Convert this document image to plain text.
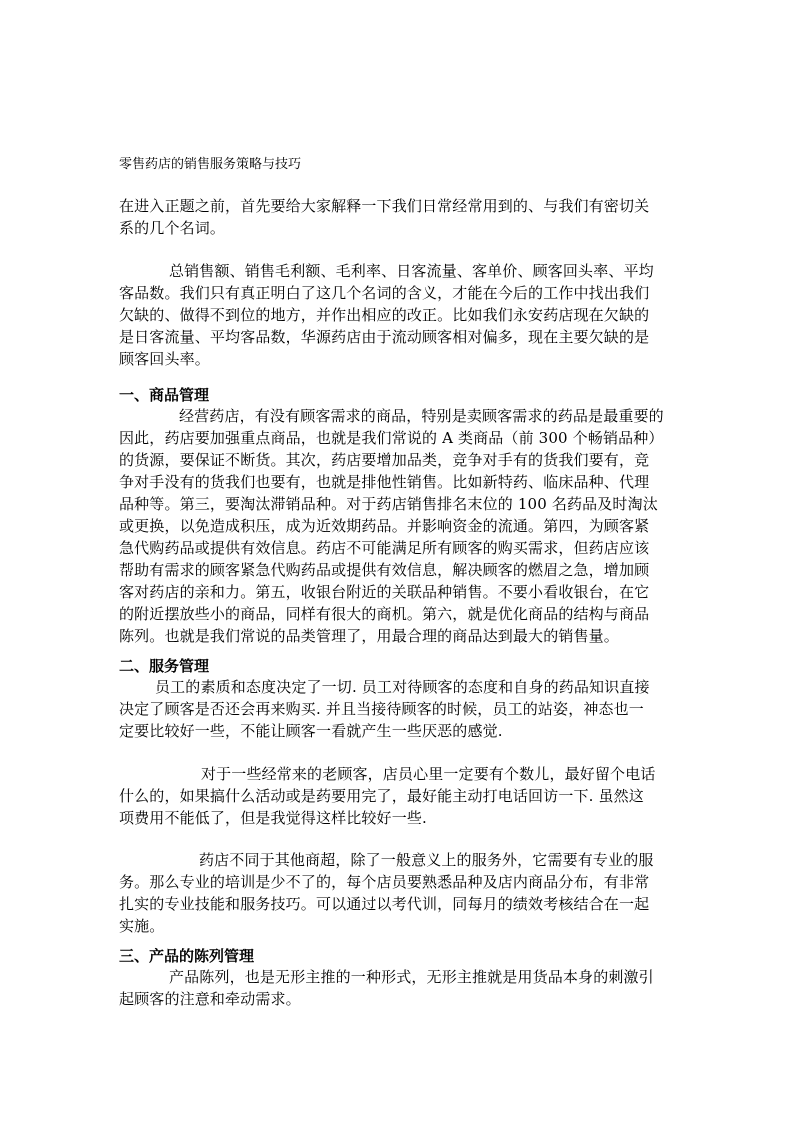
零售药店的销售服务策略与技巧
在进入正题之前，首先要给大家解释一下我们日常经常用到的、与我们有密切关
系的几个名词。
总销售额、销售毛利额、毛利率、日客流量、客单价、顾客回头率、平均
客品数。我们只有真正明白了这几个名词的含义，才能在今后的工作中找出我们
欠缺的、做得不到位的地方，并作出相应的改正。比如我们永安药店现在欠缺的
是日客流量、平均客品数，华源药店由于流动顾客相对偏多，现在主要欠缺的是
顾客回头率。
一、商品管理
经营药店，有没有顾客需求的商品，特别是卖顾客需求的药品是最重要的
因此，药店要加强重点商品，也就是我们常说的 A 类商品（前 300 个畅销品种）
的货源，要保证不断货。其次，药店要增加品类，竞争对手有的货我们要有，竞
争对手没有的货我们也要有，也就是排他性销售。比如新特药、临床品种、代理
品种等。第三，要淘汰滞销品种。对于药店销售排名末位的 100 名药品及时淘汰
或更换，以免造成积压，成为近效期药品。并影响资金的流通。第四，为顾客紧
急代购药品或提供有效信息。药店不可能满足所有顾客的购买需求，但药店应该
帮助有需求的顾客紧急代购药品或提供有效信息，解决顾客的燃眉之急，增加顾
客对药店的亲和力。第五，收银台附近的关联品种销售。不要小看收银台，在它
的附近摆放些小的商品，同样有很大的商机。第六，就是优化商品的结构与商品
陈列。也就是我们常说的品类管理了，用最合理的商品达到最大的销售量。
二、服务管理
员工的素质和态度决定了一切. 员工对待顾客的态度和自身的药品知识直接
决定了顾客是否还会再来购买. 并且当接待顾客的时候，员工的站姿，神态也一
定要比较好一些，不能让顾客一看就产生一些厌恶的感觉.
对于一些经常来的老顾客，店员心里一定要有个数儿，最好留个电话
什么的，如果搞什么活动或是药要用完了，最好能主动打电话回访一下. 虽然这
项费用不能低了，但是我觉得这样比较好一些.
药店不同于其他商超，除了一般意义上的服务外，它需要有专业的服
务。那么专业的培训是少不了的，每个店员要熟悉品种及店内商品分布，有非常
扎实的专业技能和服务技巧。可以通过以考代训，同每月的绩效考核结合在一起
实施。
三、产品的陈列管理
产品陈列，也是无形主推的一种形式，无形主推就是用货品本身的刺激引
起顾客的注意和牵动需求。
